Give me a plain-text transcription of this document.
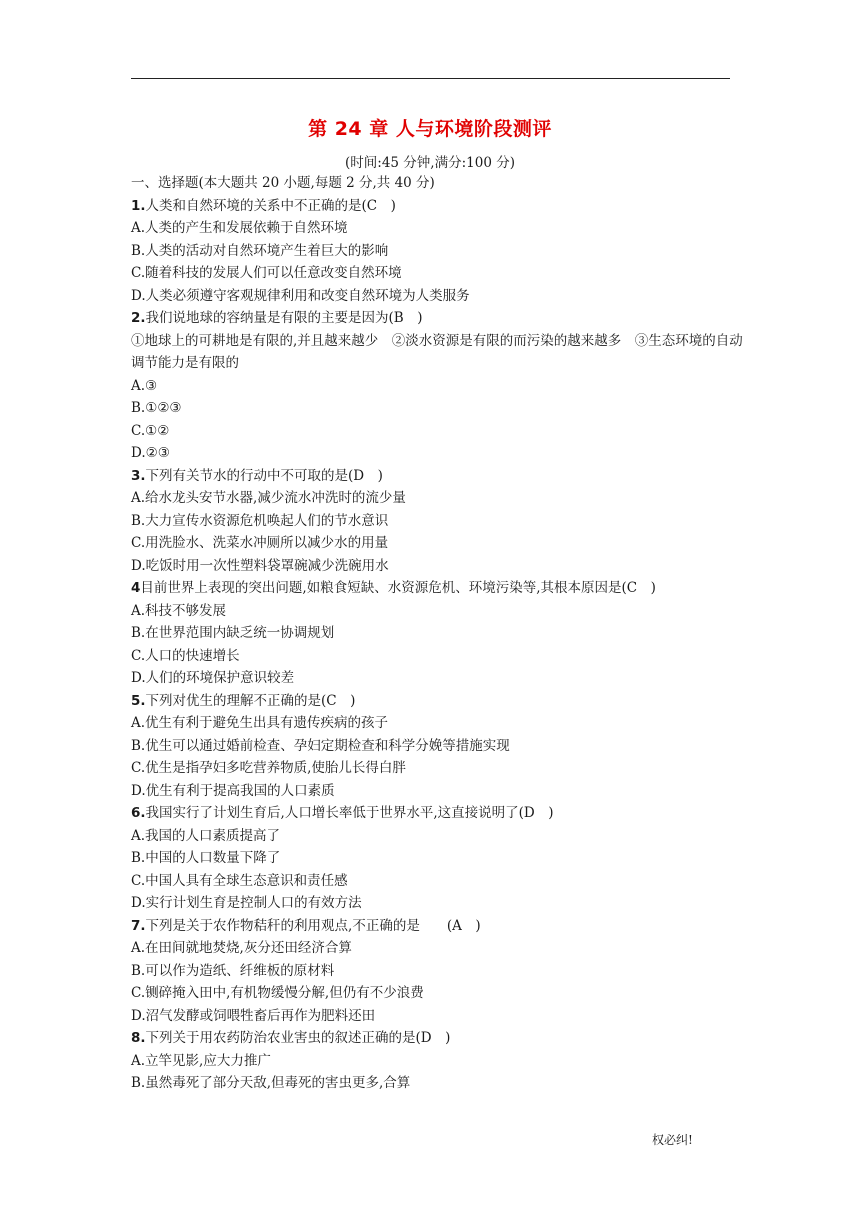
第 24 章 人与环境阶段测评
(时间:45 分钟,满分:100 分)
一、选择题(本大题共 20 小题,每题 2 分,共 40 分)
1.人类和自然环境的关系中不正确的是(C　)
A.人类的产生和发展依赖于自然环境
B.人类的活动对自然环境产生着巨大的影响
C.随着科技的发展人们可以任意改变自然环境
D.人类必须遵守客观规律利用和改变自然环境为人类服务
2.我们说地球的容纳量是有限的主要是因为(B　)
①地球上的可耕地是有限的,并且越来越少　②淡水资源是有限的而污染的越来越多　③生态环境的自动调节能力是有限的
A.③
B.①②③
C.①②
D.②③
3.下列有关节水的行动中不可取的是(D　)
A.给水龙头安节水器,减少流水冲洗时的流少量
B.大力宣传水资源危机唤起人们的节水意识
C.用洗脸水、洗菜水冲厕所以减少水的用量
D.吃饭时用一次性塑料袋罩碗减少洗碗用水
4目前世界上表现的突出问题,如粮食短缺、水资源危机、环境污染等,其根本原因是(C　)
A.科技不够发展
B.在世界范围内缺乏统一协调规划
C.人口的快速增长
D.人们的环境保护意识较差
5.下列对优生的理解不正确的是(C　)
A.优生有利于避免生出具有遗传疾病的孩子
B.优生可以通过婚前检查、孕妇定期检查和科学分娩等措施实现
C.优生是指孕妇多吃营养物质,使胎儿长得白胖
D.优生有利于提高我国的人口素质
6.我国实行了计划生育后,人口增长率低于世界水平,这直接说明了(D　)
A.我国的人口素质提高了
B.中国的人口数量下降了
C.中国人具有全球生态意识和责任感
D.实行计划生育是控制人口的有效方法
7.下列是关于农作物秸秆的利用观点,不正确的是　　(A　)
A.在田间就地焚烧,灰分还田经济合算
B.可以作为造纸、纤维板的原材料
C.铡碎掩入田中,有机物缓慢分解,但仍有不少浪费
D.沼气发酵或饲喂牲畜后再作为肥料还田
8.下列关于用农药防治农业害虫的叙述正确的是(D　)
A.立竿见影,应大力推广
B.虽然毒死了部分天敌,但毒死的害虫更多,合算
权必纠!
